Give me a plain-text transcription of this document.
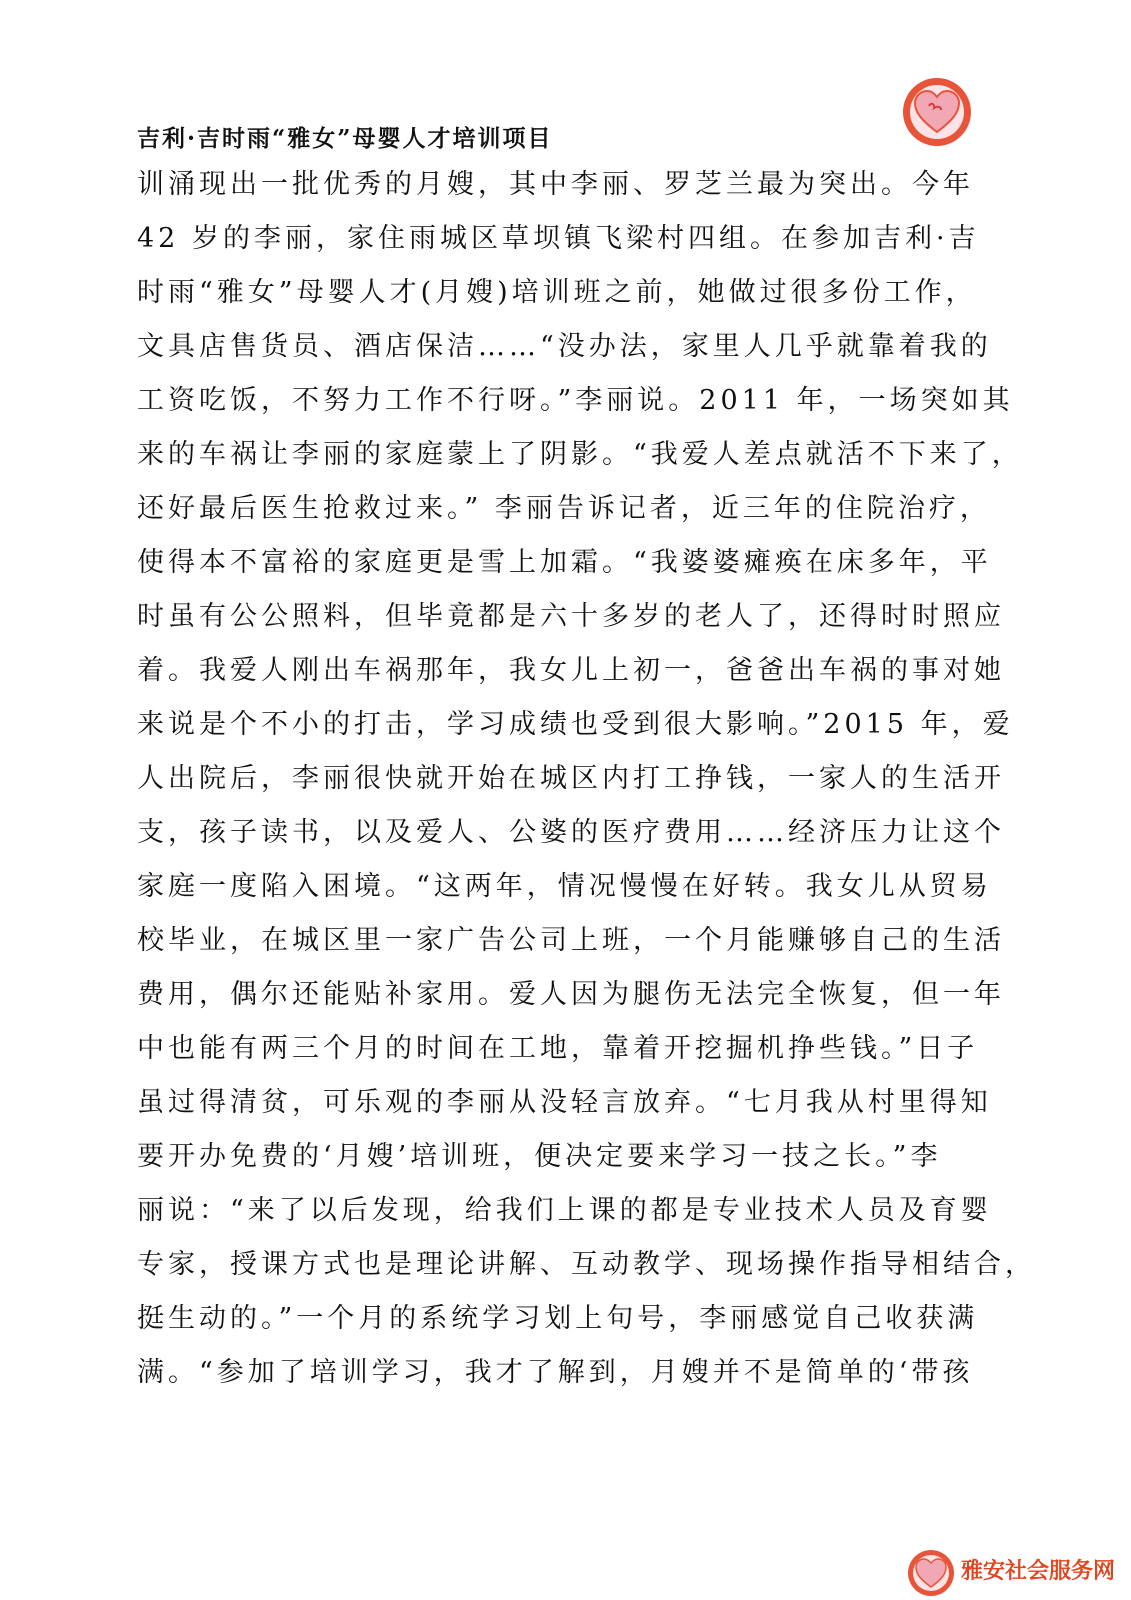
吉利·吉时雨“雅女”母婴人才培训项目
训涌现出一批优秀的月嫂，其中李丽、罗芝兰最为突出。今年
42 岁的李丽，家住雨城区草坝镇飞梁村四组。在参加吉利·吉
时雨“雅女”母婴人才(月嫂)培训班之前，她做过很多份工作，
文具店售货员、酒店保洁……“没办法，家里人几乎就靠着我的
工资吃饭，不努力工作不行呀。”李丽说。2011 年，一场突如其
来的车祸让李丽的家庭蒙上了阴影。“我爱人差点就活不下来了，
还好最后医生抢救过来。” 李丽告诉记者，近三年的住院治疗，
使得本不富裕的家庭更是雪上加霜。“我婆婆瘫痪在床多年，平
时虽有公公照料，但毕竟都是六十多岁的老人了，还得时时照应
着。我爱人刚出车祸那年，我女儿上初一，爸爸出车祸的事对她
来说是个不小的打击，学习成绩也受到很大影响。”2015 年，爱
人出院后，李丽很快就开始在城区内打工挣钱，一家人的生活开
支，孩子读书，以及爱人、公婆的医疗费用……经济压力让这个
家庭一度陷入困境。“这两年，情况慢慢在好转。我女儿从贸易
校毕业，在城区里一家广告公司上班，一个月能赚够自己的生活
费用，偶尔还能贴补家用。爱人因为腿伤无法完全恢复，但一年
中也能有两三个月的时间在工地，靠着开挖掘机挣些钱。”日子
虽过得清贫，可乐观的李丽从没轻言放弃。“七月我从村里得知
要开办免费的‘月嫂’培训班，便决定要来学习一技之长。”李
丽说：“来了以后发现，给我们上课的都是专业技术人员及育婴
专家，授课方式也是理论讲解、互动教学、现场操作指导相结合，
挺生动的。”一个月的系统学习划上句号，李丽感觉自己收获满
满。“参加了培训学习，我才了解到，月嫂并不是简单的‘带孩
雅安社会服务网
